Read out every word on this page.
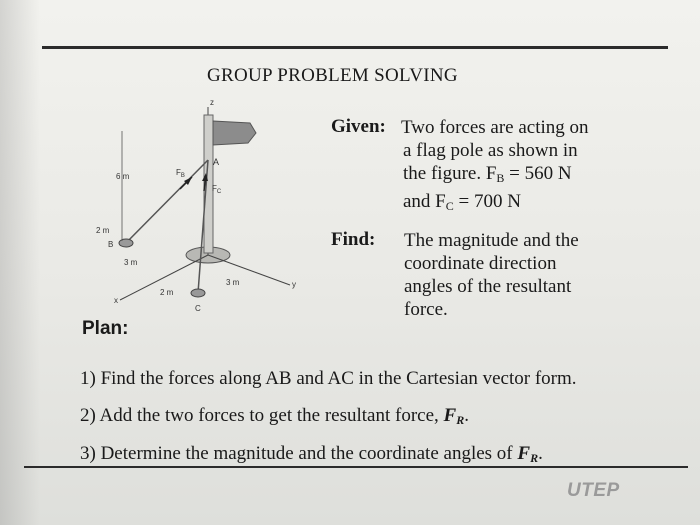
GROUP PROBLEM SOLVING
z
A
$F_B$
$F_C$
6 m
2 m
B
3 m
3 m
2 m
C
x
y
Given: Two forces are acting on
a flag pole as shown in
the figure. $F_B = 560$ N
and $F_C = 700$ N
Find: The magnitude and the
coordinate direction
angles of the resultant
force.
Plan:
1) Find the forces along AB and AC in the Cartesian vector form.
2) Add the two forces to get the resultant force, $F_R$.
3) Determine the magnitude and the coordinate angles of $F_R$.
UTEP
